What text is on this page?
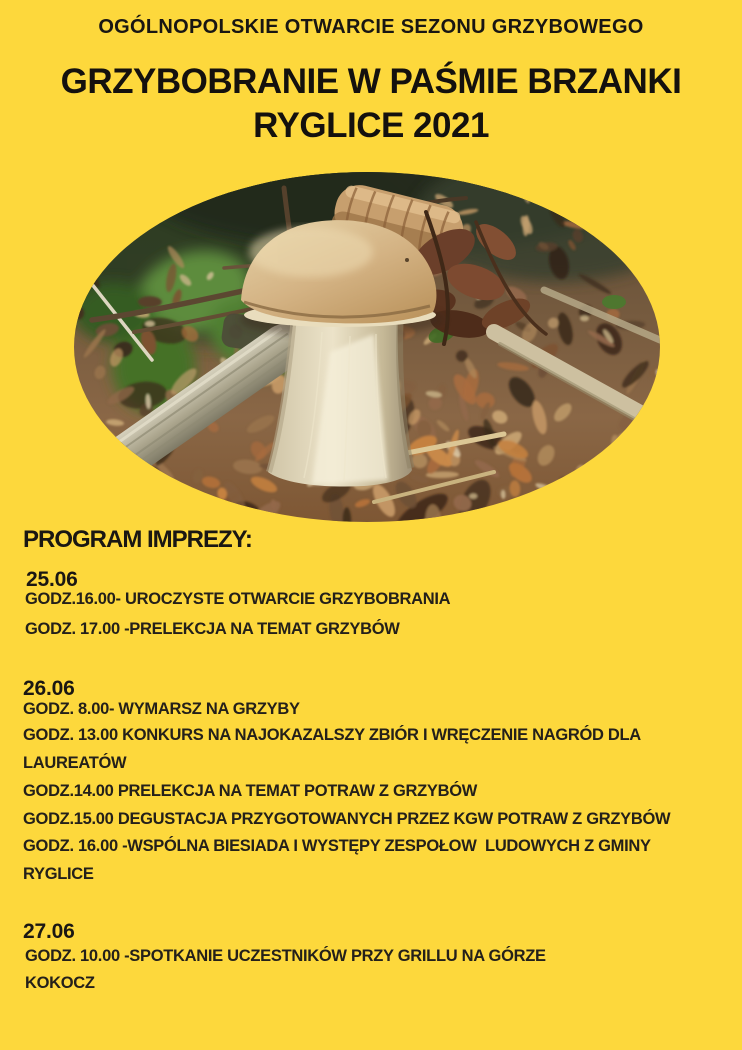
OGÓLNOPOLSKIE OTWARCIE SEZONU GRZYBOWEGO
GRZYBOBRANIE W PAŚMIE BRZANKI
RYGLICE 2021
PROGRAM IMPREZY:
25.06
GODZ.16.00- UROCZYSTE OTWARCIE GRZYBOBRANIA
GODZ. 17.00 -PRELEKCJA NA TEMAT GRZYBÓW
26.06
GODZ. 8.00- WYMARSZ NA GRZYBY
GODZ. 13.00 KONKURS NA NAJOKAZALSZY ZBIÓR I WRĘCZENIE NAGRÓD DLA
LAUREATÓW
GODZ.14.00 PRELEKCJA NA TEMAT POTRAW Z GRZYBÓW
GODZ.15.00 DEGUSTACJA PRZYGOTOWANYCH PRZEZ KGW POTRAW Z GRZYBÓW
GODZ. 16.00 -WSPÓLNA BIESIADA I WYSTĘPY ZESPOŁOW  LUDOWYCH Z GMINY
RYGLICE
27.06
GODZ. 10.00 -SPOTKANIE UCZESTNIKÓW PRZY GRILLU NA GÓRZE
KOKOCZ
